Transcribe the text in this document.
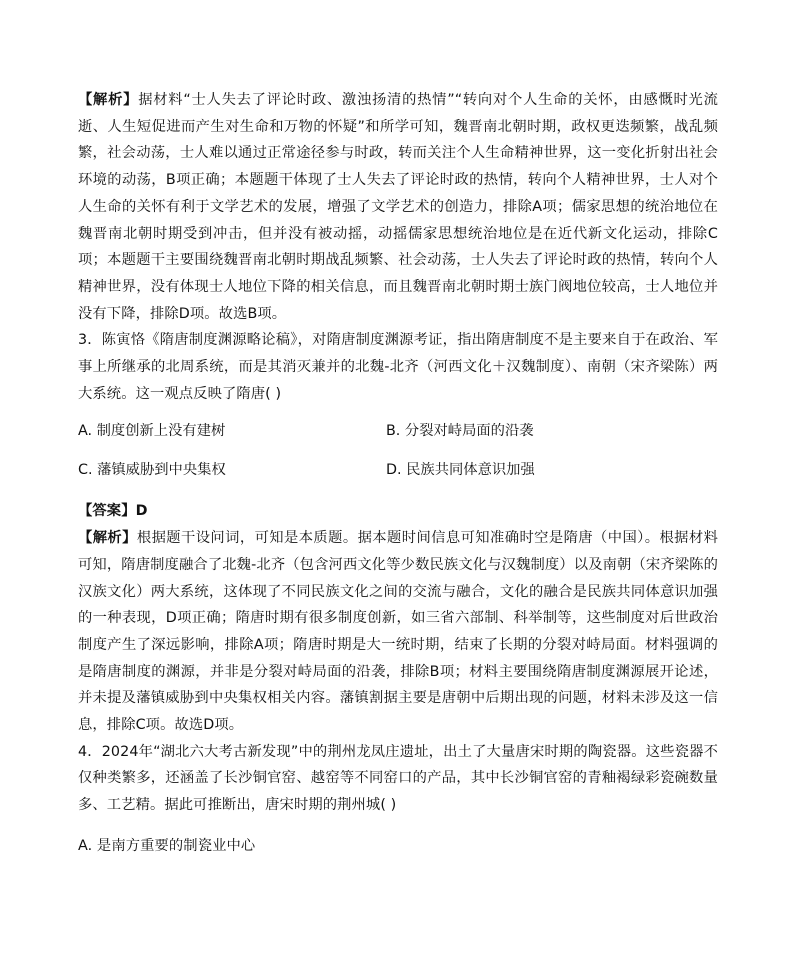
【解析】据材料“士人失去了评论时政、激浊扬清的热情”“转向对个人生命的关怀，由感慨时光流逝、人生短促进而产生对生命和万物的怀疑”和所学可知，魏晋南北朝时期，政权更迭频繁，战乱频繁，社会动荡，士人难以通过正常途径参与时政，转而关注个人生命精神世界，这一变化折射出社会环境的动荡，B项正确；本题题干体现了士人失去了评论时政的热情，转向个人精神世界，士人对个人生命的关怀有利于文学艺术的发展，增强了文学艺术的创造力，排除A项；儒家思想的统治地位在魏晋南北朝时期受到冲击，但并没有被动摇，动摇儒家思想统治地位是在近代新文化运动，排除C项；本题题干主要围绕魏晋南北朝时期战乱频繁、社会动荡，士人失去了评论时政的热情，转向个人精神世界，没有体现士人地位下降的相关信息，而且魏晋南北朝时期士族门阀地位较高，士人地位并没有下降，排除D项。故选B项。

3．陈寅恪《隋唐制度渊源略论稿》，对隋唐制度渊源考证，指出隋唐制度不是主要来自于在政治、军事上所继承的北周系统，而是其消灭兼并的北魏-北齐（河西文化＋汉魏制度）、南朝（宋齐梁陈）两大系统。这一观点反映了隋唐( )

A. 制度创新上没有建树	B. 分裂对峙局面的沿袭
C. 藩镇威胁到中央集权	D. 民族共同体意识加强

【答案】D

【解析】根据题干设问词，可知是本质题。据本题时间信息可知准确时空是隋唐（中国）。根据材料可知，隋唐制度融合了北魏-北齐（包含河西文化等少数民族文化与汉魏制度）以及南朝（宋齐梁陈的汉族文化）两大系统，这体现了不同民族文化之间的交流与融合，文化的融合是民族共同体意识加强的一种表现，D项正确；隋唐时期有很多制度创新，如三省六部制、科举制等，这些制度对后世政治制度产生了深远影响，排除A项；隋唐时期是大一统时期，结束了长期的分裂对峙局面。材料强调的是隋唐制度的渊源，并非是分裂对峙局面的沿袭，排除B项；材料主要围绕隋唐制度渊源展开论述，并未提及藩镇威胁到中央集权相关内容。藩镇割据主要是唐朝中后期出现的问题，材料未涉及这一信息，排除C项。故选D项。

4．2024年“湖北六大考古新发现”中的荆州龙凤庄遗址，出土了大量唐宋时期的陶瓷器。这些瓷器不仅种类繁多，还涵盖了长沙铜官窑、越窑等不同窑口的产品，其中长沙铜官窑的青釉褐绿彩瓷碗数量多、工艺精。据此可推断出，唐宋时期的荆州城( )

A. 是南方重要的制瓷业中心
